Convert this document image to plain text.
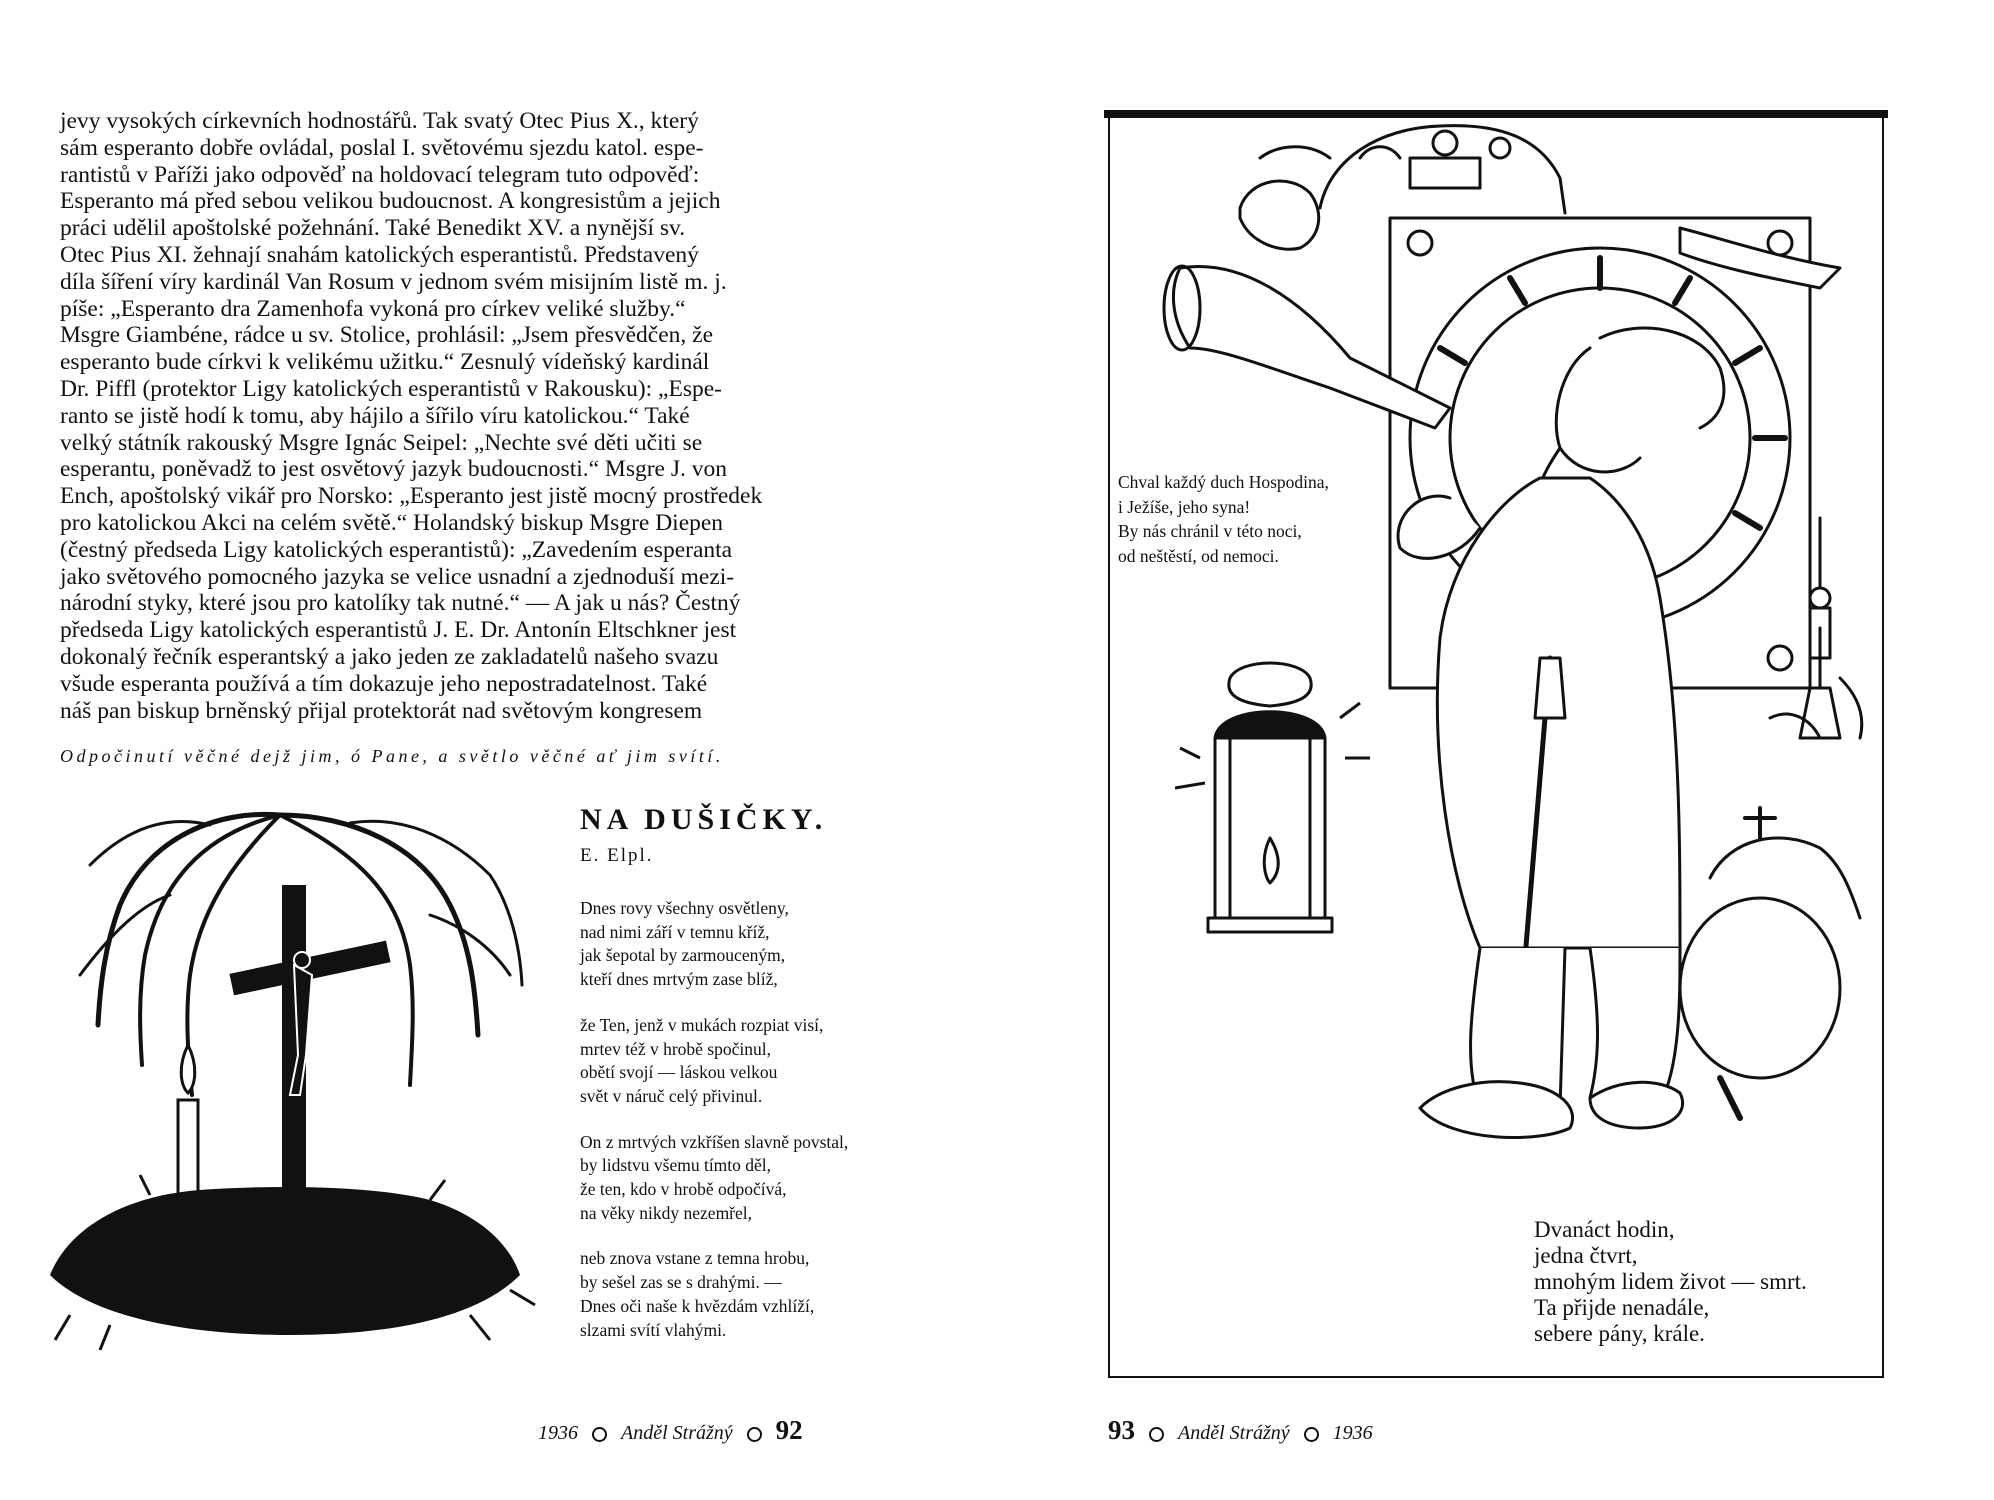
jevy vysokých církevních hodnostářů. Tak svatý Otec Pius X., který
sám esperanto dobře ovládal, poslal I. světovému sjezdu katol. espe-
rantistů v Paříži jako odpověď na holdovací telegram tuto odpověď:
Esperanto má před sebou velikou budoucnost. A kongresistům a jejich
práci udělil apoštolské požehnání. Také Benedikt XV. a nynější sv.
Otec Pius XI. žehnají snahám katolických esperantistů. Představený
díla šíření víry kardinál Van Rosum v jednom svém misijním listě m. j.
píše: „Esperanto dra Zamenhofa vykoná pro církev veliké služby.“
Msgre Giambéne, rádce u sv. Stolice, prohlásil: „Jsem přesvědčen, že
esperanto bude církvi k velikému užitku.“ Zesnulý vídeňský kardinál
Dr. Piffl (protektor Ligy katolických esperantistů v Rakousku): „Espe-
ranto se jistě hodí k tomu, aby hájilo a šířilo víru katolickou.“ Také
velký státník rakouský Msgre Ignác Seipel: „Nechte své děti učiti se
esperantu, poněvadž to jest osvětový jazyk budoucnosti.“ Msgre J. von
Ench, apoštolský vikář pro Norsko: „Esperanto jest jistě mocný prostředek
pro katolickou Akci na celém světě.“ Holandský biskup Msgre Diepen
(čestný předseda Ligy katolických esperantistů): „Zavedením esperanta
jako světového pomocného jazyka se velice usnadní a zjednoduší mezi-
národní styky, které jsou pro katolíky tak nutné.“ — A jak u nás? Čestný
předseda Ligy katolických esperantistů J. E. Dr. Antonín Eltschkner jest
dokonalý řečník esperantský a jako jeden ze zakladatelů našeho svazu
všude esperanta používá a tím dokazuje jeho nepostradatelnost. Také
náš pan biskup brněnský přijal protektorát nad světovým kongresem
Odpočinutí věčné dejž jim, ó Pane, a světlo věčné ať jim svítí.
NA DUŠIČKY.
E. Elpl.
Dnes rovy všechny osvětleny,
nad nimi září v temnu kříž,
jak šepotal by zarmouceným,
kteří dnes mrtvým zase blíž,
že Ten, jenž v mukách rozpiat visí,
mrtev též v hrobě spočinul,
obětí svojí — láskou velkou
svět v náruč celý přivinul.
On z mrtvých vzkříšen slavně povstal,
by lidstvu všemu tímto děl,
že ten, kdo v hrobě odpočívá,
na věky nikdy nezemřel,
neb znova vstane z temna hrobu,
by sešel zas se s drahými. —
Dnes oči naše k hvězdám vzhlíží,
slzami svítí vlahými.
1936 Anděl Strážný 92
Chval každý duch Hospodina,
i Ježíše, jeho syna!
By nás chránil v této noci,
od neštěstí, od nemoci.
Dvanáct hodin,
jedna čtvrt,
mnohým lidem život — smrt.
Ta přijde nenadále,
sebere pány, krále.
93 Anděl Strážný 1936
